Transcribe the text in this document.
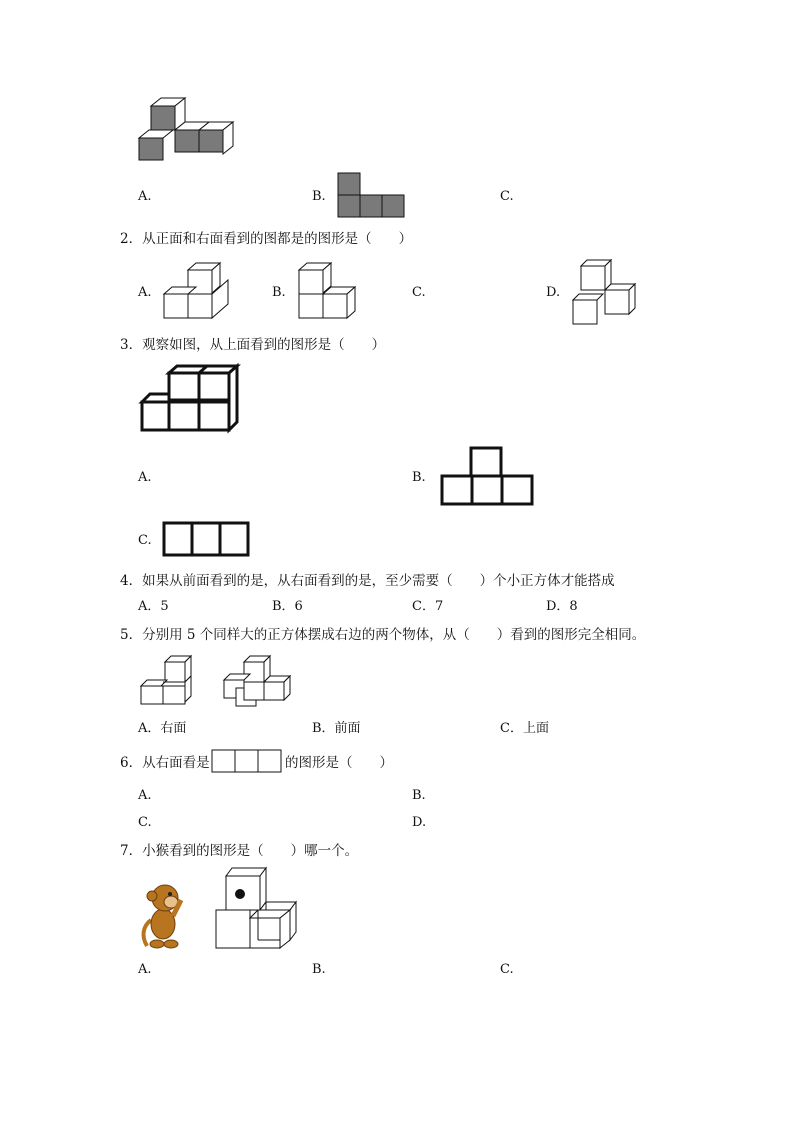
A.	B.	C.
2．从正面和右面看到的图都是的图形是（　　）
A.	B.	C.	D.
3．观察如图，从上面看到的图形是（　　）
A.	B.
C.
4．如果从前面看到的是，从右面看到的是，至少需要（　　）个小正方体才能搭成
A．5	B．6	C．7	D．8
5．分别用 5 个同样大的正方体摆成右边的两个物体，从（　　）看到的图形完全相同。
A．右面	B．前面	C．上面
6．从右面看是	的图形是（　　）
A.	B.
C.	D.
7．小猴看到的图形是（　　）哪一个。
A.	B.	C.
